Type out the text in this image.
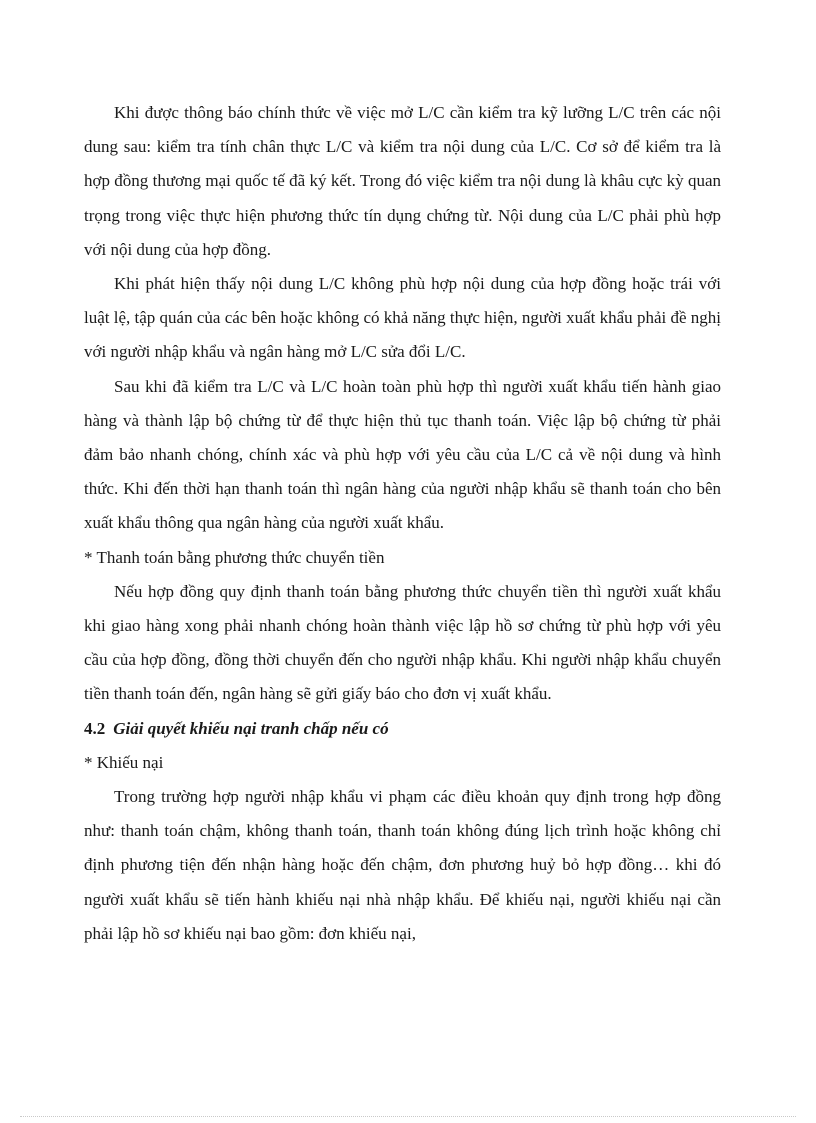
Khi được thông báo chính thức về việc mở L/C cần kiểm tra kỹ lưỡng L/C trên các nội dung sau: kiểm tra tính chân thực L/C và kiểm tra nội dung của L/C. Cơ sở để kiểm tra là hợp đồng thương mại quốc tế đã ký kết. Trong đó việc kiểm tra nội dung là khâu cực kỳ quan trọng trong việc thực hiện phương thức tín dụng chứng từ. Nội dung của L/C phải phù hợp với nội dung của hợp đồng.

Khi phát hiện thấy nội dung L/C không phù hợp nội dung của hợp đồng hoặc trái với luật lệ, tập quán của các bên hoặc không có khả năng thực hiện, người xuất khẩu phải đề nghị với người nhập khẩu và ngân hàng mở L/C sửa đổi L/C.

Sau khi đã kiểm tra L/C và L/C hoàn toàn phù hợp thì người xuất khẩu tiến hành giao hàng và thành lập bộ chứng từ để thực hiện thủ tục thanh toán. Việc lập bộ chứng từ phải đảm bảo nhanh chóng, chính xác và phù hợp với yêu cầu của L/C cả về nội dung và hình thức. Khi đến thời hạn thanh toán thì ngân hàng của người nhập khẩu sẽ thanh toán cho bên xuất khẩu thông qua ngân hàng của người xuất khẩu.

* Thanh toán bằng phương thức chuyển tiền

Nếu hợp đồng quy định thanh toán bằng phương thức chuyển tiền thì người xuất khẩu khi giao hàng xong phải nhanh chóng hoàn thành việc lập hồ sơ chứng từ phù hợp với yêu cầu của hợp đồng, đồng thời chuyển đến cho người nhập khẩu. Khi người nhập khẩu chuyển tiền thanh toán đến, ngân hàng sẽ gửi giấy báo cho đơn vị xuất khẩu.

4.2 Giải quyết khiếu nại tranh chấp nếu có

* Khiếu nại

Trong trường hợp người nhập khẩu vi phạm các điều khoản quy định trong hợp đồng như: thanh toán chậm, không thanh toán, thanh toán không đúng lịch trình hoặc không chỉ định phương tiện đến nhận hàng hoặc đến chậm, đơn phương huỷ bỏ hợp đồng… khi đó người xuất khẩu sẽ tiến hành khiếu nại nhà nhập khẩu. Để khiếu nại, người khiếu nại cần phải lập hồ sơ khiếu nại bao gồm: đơn khiếu nại,
